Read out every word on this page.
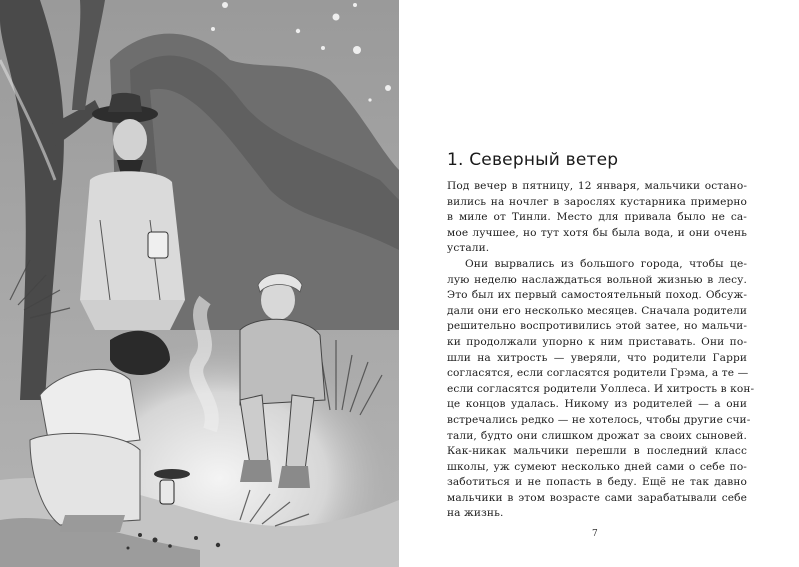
1. Северный ветер
Под вечер в пятницу, 12 января, мальчики остано-
вились на ночлег в зарослях кустарника примерно
в миле от Тинли. Место для привала было не са-
мое лучшее, но тут хотя бы была вода, и они очень
устали.
Они вырвались из большого города, чтобы це-
лую неделю наслаждаться вольной жизнью в лесу.
Это был их первый самостоятельный поход. Обсуж-
дали они его несколько месяцев. Сначала родители
решительно воспротивились этой затее, но мальчи-
ки продолжали упорно к ним приставать. Они по-
шли на хитрость — уверяли, что родители Гарри
согласятся, если согласятся родители Грэма, а те —
если согласятся родители Уоллеса. И хитрость в кон-
це концов удалась. Никому из родителей — а они
встречались редко — не хотелось, чтобы другие счи-
тали, будто они слишком дрожат за своих сыновей.
Как-никак мальчики перешли в последний класс
школы, уж сумеют несколько дней сами о себе по-
заботиться и не попасть в беду. Ещё не так давно
мальчики в этом возрасте сами зарабатывали себе
на жизнь.
7
